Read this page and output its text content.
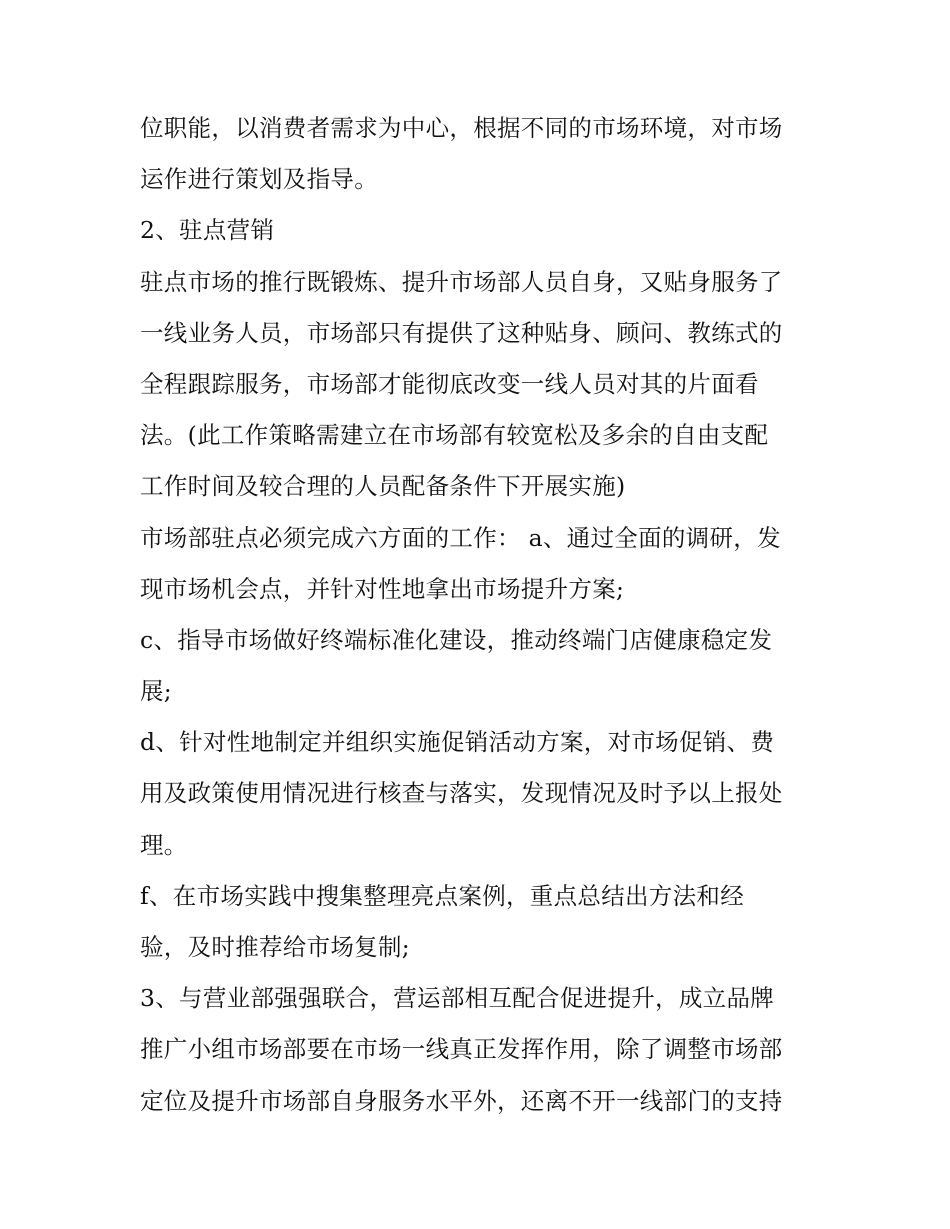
位职能，以消费者需求为中心，根据不同的市场环境，对市场
运作进行策划及指导。
2、驻点营销
驻点市场的推行既锻炼、提升市场部人员自身，又贴身服务了
一线业务人员，市场部只有提供了这种贴身、顾问、教练式的
全程跟踪服务，市场部才能彻底改变一线人员对其的片面看
法。(此工作策略需建立在市场部有较宽松及多余的自由支配
工作时间及较合理的人员配备条件下开展实施)
市场部驻点必须完成六方面的工作： a、通过全面的调研，发
现市场机会点，并针对性地拿出市场提升方案;
c、指导市场做好终端标准化建设，推动终端门店健康稳定发
展;
d、针对性地制定并组织实施促销活动方案，对市场促销、费
用及政策使用情况进行核查与落实，发现情况及时予以上报处
理。
f、在市场实践中搜集整理亮点案例，重点总结出方法和经
验，及时推荐给市场复制;
3、与营业部强强联合，营运部相互配合促进提升，成立品牌
推广小组市场部要在市场一线真正发挥作用，除了调整市场部
定位及提升市场部自身服务水平外，还离不开一线部门的支持
